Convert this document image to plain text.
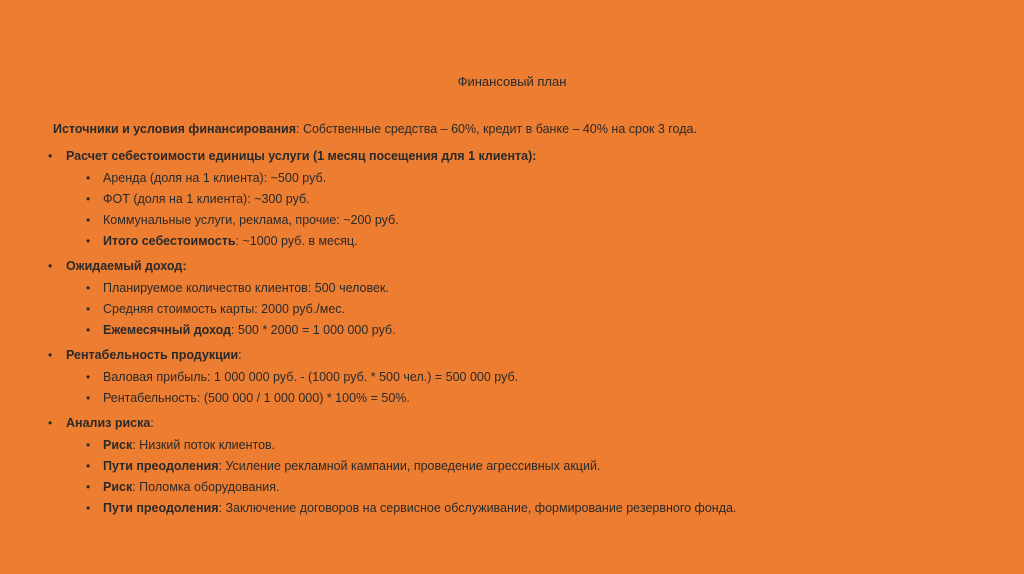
Финансовый план
Источники и условия финансирования: Собственные средства – 60%, кредит в банке – 40% на срок 3 года.
• Расчет себестоимости единицы услуги (1 месяц посещения для 1 клиента):
• Аренда (доля на 1 клиента): ~500 руб.
• ФОТ (доля на 1 клиента): ~300 руб.
• Коммунальные услуги, реклама, прочие: ~200 руб.
• Итого себестоимость: ~1000 руб. в месяц.
• Ожидаемый доход:
• Планируемое количество клиентов: 500 человек.
• Средняя стоимость карты: 2000 руб./мес.
• Ежемесячный доход: 500 * 2000 = 1 000 000 руб.
• Рентабельность продукции:
• Валовая прибыль: 1 000 000 руб. - (1000 руб. * 500 чел.) = 500 000 руб.
• Рентабельность: (500 000 / 1 000 000) * 100% = 50%.
• Анализ риска:
• Риск: Низкий поток клиентов.
• Пути преодоления: Усиление рекламной кампании, проведение агрессивных акций.
• Риск: Поломка оборудования.
• Пути преодоления: Заключение договоров на сервисное обслуживание, формирование резервного фонда.
